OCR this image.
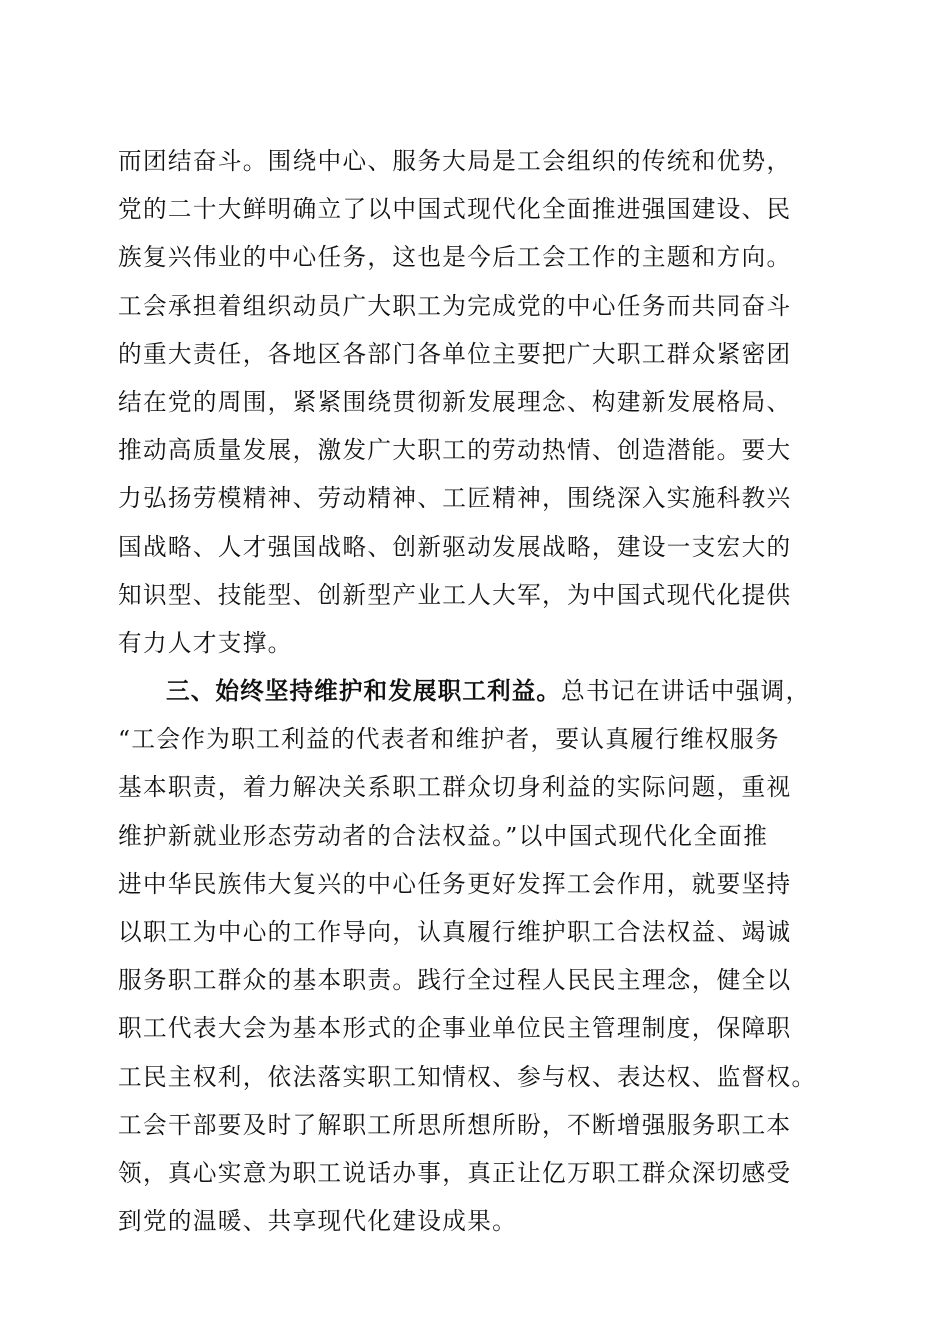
而团结奋斗。围绕中心、服务大局是工会组织的传统和优势，
党的二十大鲜明确立了以中国式现代化全面推进强国建设、民
族复兴伟业的中心任务，这也是今后工会工作的主题和方向。
工会承担着组织动员广大职工为完成党的中心任务而共同奋斗
的重大责任，各地区各部门各单位主要把广大职工群众紧密团
结在党的周围，紧紧围绕贯彻新发展理念、构建新发展格局、
推动高质量发展，激发广大职工的劳动热情、创造潜能。要大
力弘扬劳模精神、劳动精神、工匠精神，围绕深入实施科教兴
国战略、人才强国战略、创新驱动发展战略，建设一支宏大的
知识型、技能型、创新型产业工人大军，为中国式现代化提供
有力人才支撑。
三、始终坚持维护和发展职工利益。总书记在讲话中强调，
“工会作为职工利益的代表者和维护者，要认真履行维权服务
基本职责，着力解决关系职工群众切身利益的实际问题，重视
维护新就业形态劳动者的合法权益。”以中国式现代化全面推
进中华民族伟大复兴的中心任务更好发挥工会作用，就要坚持
以职工为中心的工作导向，认真履行维护职工合法权益、竭诚
服务职工群众的基本职责。践行全过程人民民主理念，健全以
职工代表大会为基本形式的企事业单位民主管理制度，保障职
工民主权利，依法落实职工知情权、参与权、表达权、监督权。
工会干部要及时了解职工所思所想所盼，不断增强服务职工本
领，真心实意为职工说话办事，真正让亿万职工群众深切感受
到党的温暖、共享现代化建设成果。
